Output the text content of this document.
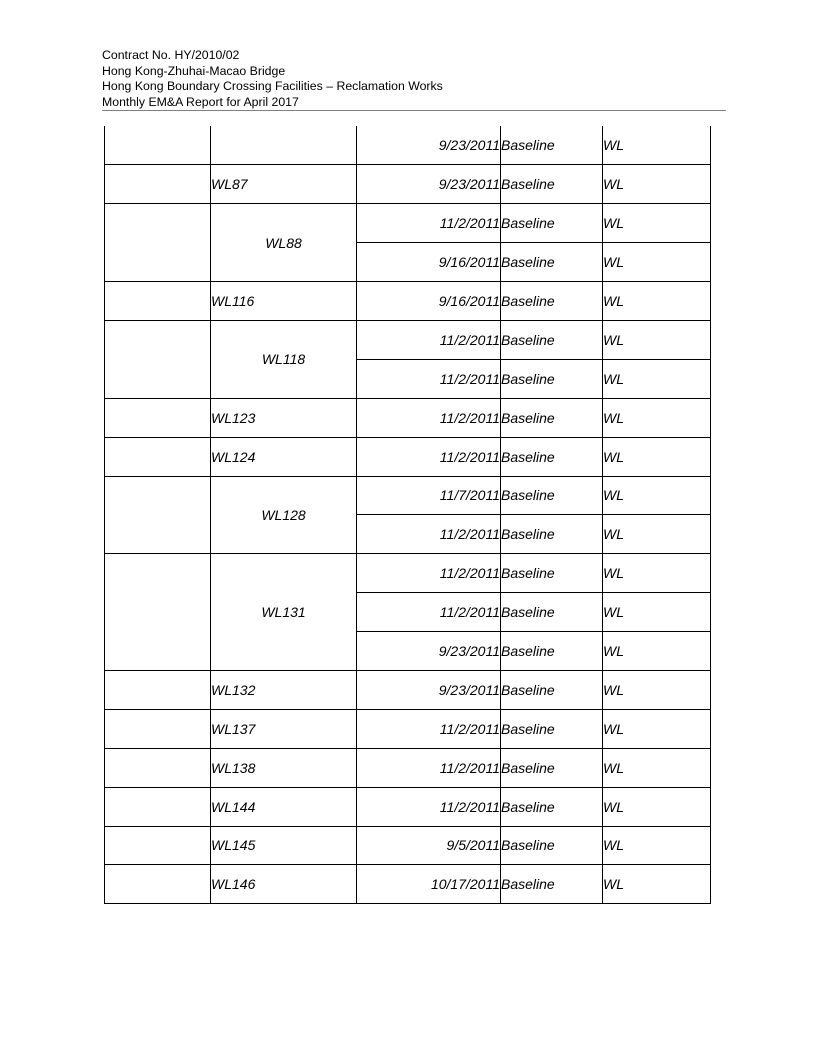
Contract No. HY/2010/02
Hong Kong-Zhuhai-Macao Bridge
Hong Kong Boundary Crossing Facilities – Reclamation Works
Monthly EM&A Report for April 2017
		9/23/2011	Baseline	WL
	WL87	9/23/2011	Baseline	WL
	WL88	11/2/2011	Baseline	WL
		9/16/2011	Baseline	WL
	WL116	9/16/2011	Baseline	WL
	WL118	11/2/2011	Baseline	WL
		11/2/2011	Baseline	WL
	WL123	11/2/2011	Baseline	WL
	WL124	11/2/2011	Baseline	WL
	WL128	11/7/2011	Baseline	WL
		11/2/2011	Baseline	WL
	WL131	11/2/2011	Baseline	WL
		11/2/2011	Baseline	WL
		9/23/2011	Baseline	WL
	WL132	9/23/2011	Baseline	WL
	WL137	11/2/2011	Baseline	WL
	WL138	11/2/2011	Baseline	WL
	WL144	11/2/2011	Baseline	WL
	WL145	9/5/2011	Baseline	WL
	WL146	10/17/2011	Baseline	WL
